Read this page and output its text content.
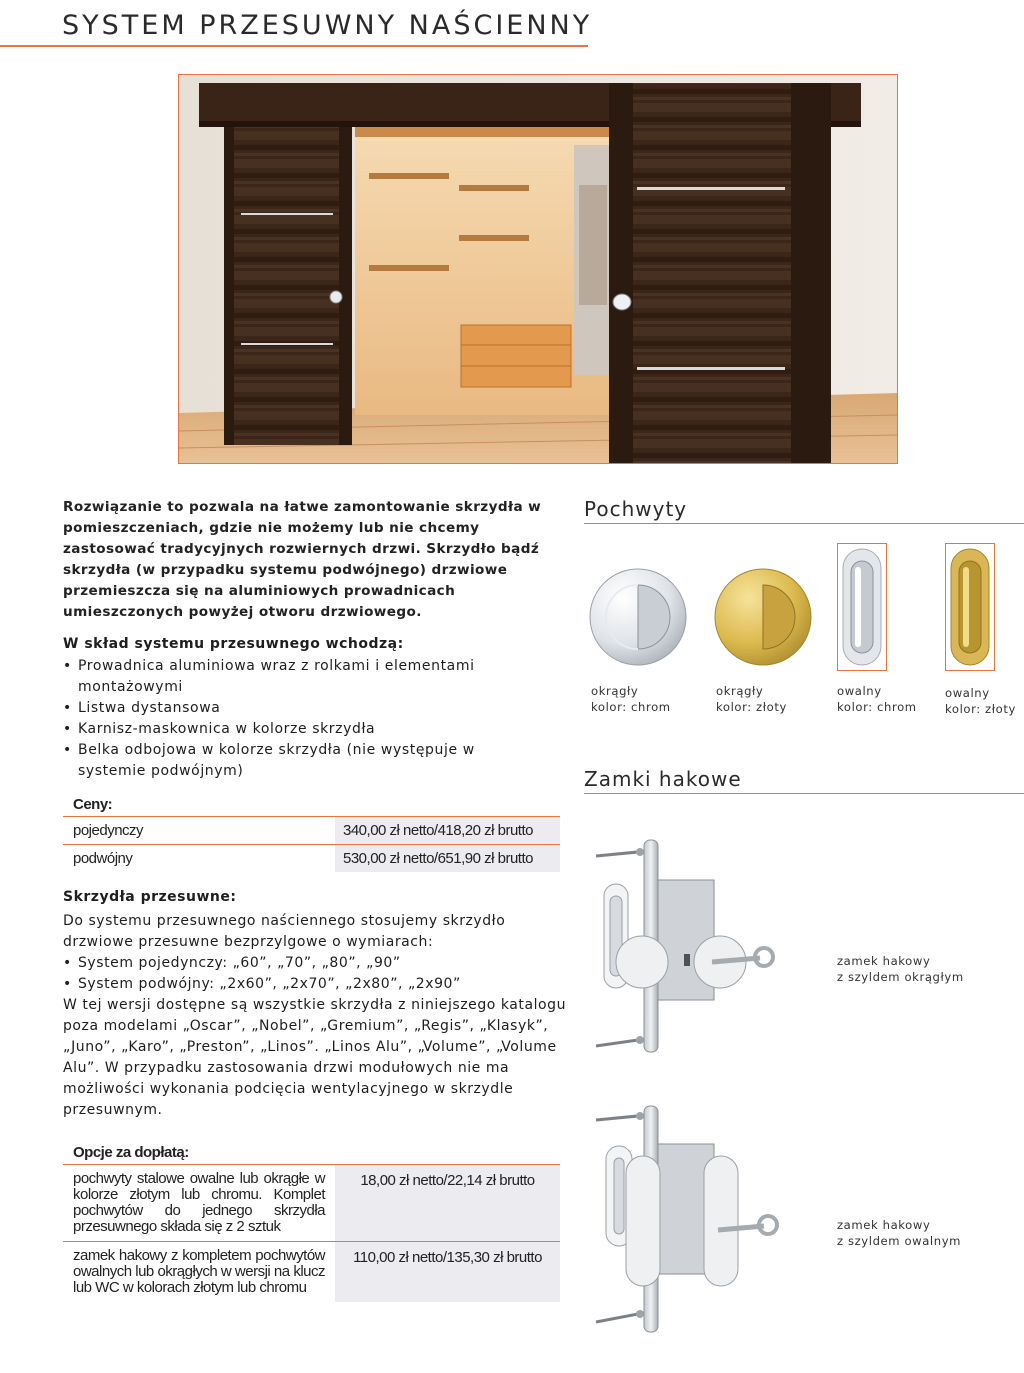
SYSTEM PRZESUWNY NAŚCIENNY
Rozwiązanie to pozwala na łatwe zamontowanie skrzydła w pomieszczeniach, gdzie nie możemy lub nie chcemy zastosować tradycyjnych rozwiernych drzwi. Skrzydło bądź skrzydła (w przypadku systemu podwójnego) drzwiowe przemieszcza się na aluminiowych prowadnicach umieszczonych powyżej otworu drzwiowego.
W skład systemu przesuwnego wchodzą:
• Prowadnica aluminiowa wraz z rolkami i elementami montażowymi
• Listwa dystansowa
• Karnisz-maskownica w kolorze skrzydła
• Belka odbojowa w kolorze skrzydła (nie występuje w systemie podwójnym)
Ceny:
pojedynczy	340,00 zł netto/418,20 zł brutto
podwójny	530,00 zł netto/651,90 zł brutto
Skrzydła przesuwne:

Do systemu przesuwnego naściennego stosujemy skrzydło drzwiowe przesuwne bezprzylgowe o wymiarach:

• System pojedynczy: „60”, „70”, „80”, „90”
• System podwójny: „2x60”, „2x70”, „2x80”, „2x90”

W tej wersji dostępne są wszystkie skrzydła z niniejszego katalogu poza modelami „Oscar”, „Nobel”, „Gremium”, „Regis”, „Klasyk”, „Juno”, „Karo”, „Preston”, „Linos”. „Linos Alu”, „Volume”, „Volume Alu”. W przypadku zastosowania drzwi modułowych nie ma możliwości wykonania podcięcia wentylacyjnego w skrzydle przesuwnym.

Opcje za dopłatą:
pochwyty stalowe owalne lub okrągłe w kolorze złotym lub chromu. Komplet pochwytów do jednego skrzydła przesuwnego składa się z 2 sztuk
18,00 zł netto/22,14 zł brutto
zamek hakowy z kompletem pochwytów owalnych lub okrągłych w wersji na klucz lub WC w kolorach złotym lub chromu
110,00 zł netto/135,30 zł brutto
Pochwyty
okrągły
kolor: chrom
okrągły
kolor: złoty
owalny
kolor: chrom
owalny
kolor: złoty
Zamki hakowe
zamek hakowy
z szyldem okrągłym
zamek hakowy
z szyldem owalnym
